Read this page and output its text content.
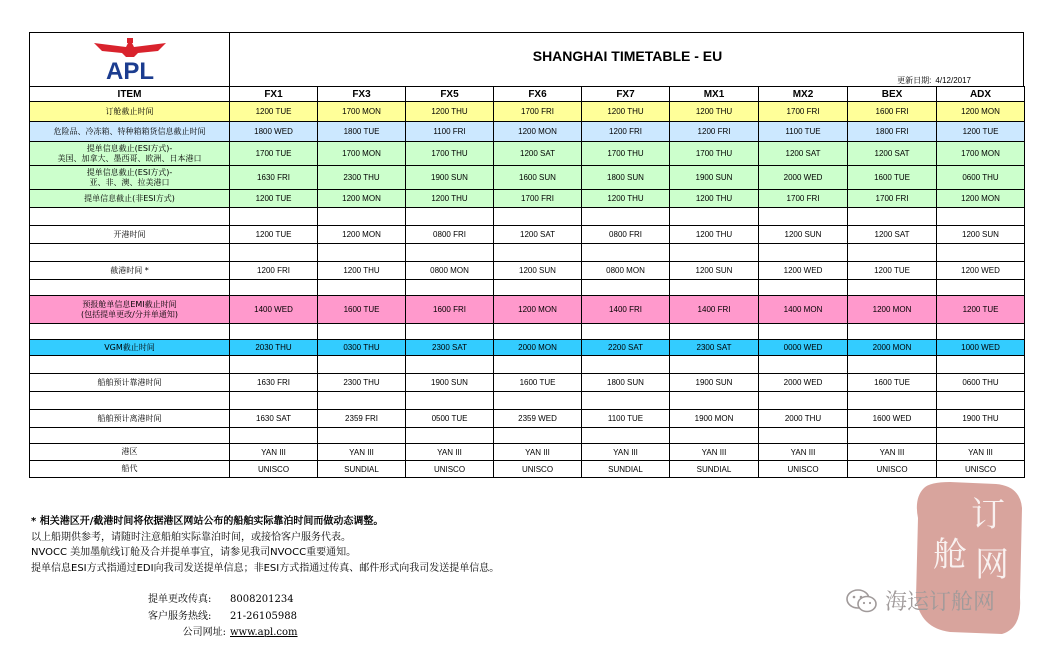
APL
SHANGHAI TIMETABLE - EU
更新日期: 4/12/2017
ITEM	FX1	FX3	FX5	FX6	FX7	MX1	MX2	BEX	ADX
订舱截止时间	1200 TUE	1700 MON	1200 THU	1700 FRI	1200 THU	1200 THU	1700 FRI	1600 FRI	1200 MON
危险品、冷冻箱、特种箱箱货信息截止时间	1800 WED	1800 TUE	1100 FRI	1200 MON	1200 FRI	1200 FRI	1100 TUE	1800 FRI	1200 TUE
提单信息截止(ESI方式)-
美国、加拿大、墨西哥、欧洲、日本港口	1700 TUE	1700 MON	1700 THU	1200 SAT	1700 THU	1700 THU	1200 SAT	1200 SAT	1700 MON
提单信息截止(ESI方式)-
亚、非、澳、拉美港口	1630 FRI	2300 THU	1900 SUN	1600 SUN	1800 SUN	1900 SUN	2000 WED	1600 TUE	0600 THU
提单信息截止(非ESI方式)	1200 TUE	1200 MON	1200 THU	1700 FRI	1200 THU	1200 THU	1700 FRI	1700 FRI	1200 MON

开港时间	1200 TUE	1200 MON	0800 FRI	1200 SAT	0800 FRI	1200 THU	1200 SUN	1200 SAT	1200 SUN

截港时间 *	1200 FRI	1200 THU	0800 MON	1200 SUN	0800 MON	1200 SUN	1200 WED	1200 TUE	1200 WED

预报舱单信息EMI截止时间
(包括提单更改/分并单通知)	1400 WED	1600 TUE	1600 FRI	1200 MON	1400 FRI	1400 FRI	1400 MON	1200 MON	1200 TUE

VGM截止时间	2030 THU	0300 THU	2300 SAT	2000 MON	2200 SAT	2300 SAT	0000 WED	2000 MON	1000 WED

船舶预计靠港时间	1630 FRI	2300 THU	1900 SUN	1600 TUE	1800 SUN	1900 SUN	2000 WED	1600 TUE	0600 THU

船舶预计离港时间	1630 SAT	2359 FRI	0500 TUE	2359 WED	1100 TUE	1900 MON	2000 THU	1600 WED	1900 THU

港区	YAN III	YAN III	YAN III	YAN III	YAN III	YAN III	YAN III	YAN III	YAN III
船代	UNISCO	SUNDIAL	UNISCO	UNISCO	SUNDIAL	SUNDIAL	UNISCO	UNISCO	UNISCO
* 相关港区开/截港时间将依据港区网站公布的船舶实际靠泊时间而做动态调整。
以上船期供参考，请随时注意船舶实际靠泊时间，或接恰客户服务代表。
NVOCC 美加墨航线订舱及合并提单事宜，请参见我司NVOCC重要通知。
提单信息ESI方式指通过EDI向我司发送提单信息；非ESI方式指通过传真、邮件形式向我司发送提单信息。
提单更改传真: 8008201234
客户服务热线: 21-26105988
公司网址: www.apl.com
订
舱 网
海运订舱网
